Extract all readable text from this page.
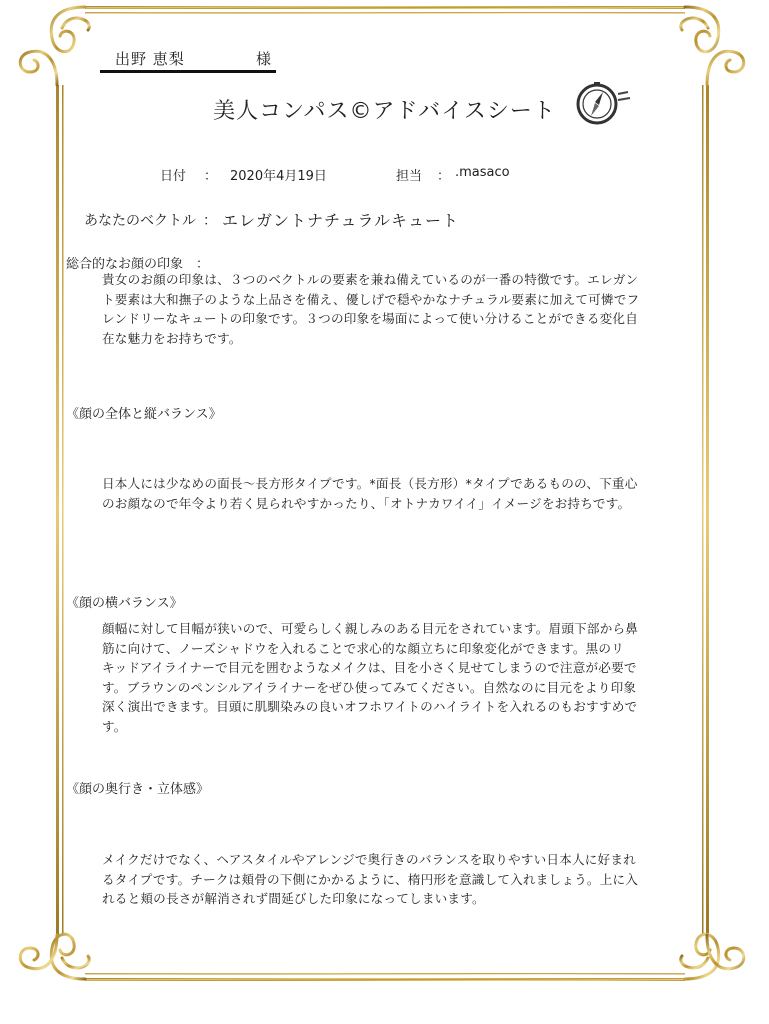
出野 恵梨	様
美人コンパス©アドバイスシート
日付 ： 2020年4月19日	担当 ： .masaco
あなたのベクトル ： エレガントナチュラルキュート
総合的なお顔の印象　：
貴女のお顔の印象は、３つのベクトルの要素を兼ね備えているのが一番の特徴です。エレガン
ト要素は大和撫子のような上品さを備え、優しげで穏やかなナチュラル要素に加えて可憐でフ
レンドリーなキュートの印象です。３つの印象を場面によって使い分けることができる変化自
在な魅力をお持ちです。
《顔の全体と縦バランス》
日本人には少なめの面長～長方形タイプです。*面長（長方形）*タイプであるものの、下重心
のお顔なので年令より若く見られやすかったり、「オトナカワイイ」イメージをお持ちです。
《顔の横バランス》
顔幅に対して目幅が狭いので、可愛らしく親しみのある目元をされています。眉頭下部から鼻
筋に向けて、ノーズシャドウを入れることで求心的な顔立ちに印象変化ができます。黒のリ
キッドアイライナーで目元を囲むようなメイクは、目を小さく見せてしまうので注意が必要で
す。ブラウンのペンシルアイライナーをぜひ使ってみてください。自然なのに目元をより印象
深く演出できます。目頭に肌馴染みの良いオフホワイトのハイライトを入れるのもおすすめで
す。
《顔の奥行き・立体感》
メイクだけでなく、ヘアスタイルやアレンジで奥行きのバランスを取りやすい日本人に好まれ
るタイプです。チークは頬骨の下側にかかるように、楕円形を意識して入れましょう。上に入
れると頬の長さが解消されず間延びした印象になってしまいます。
